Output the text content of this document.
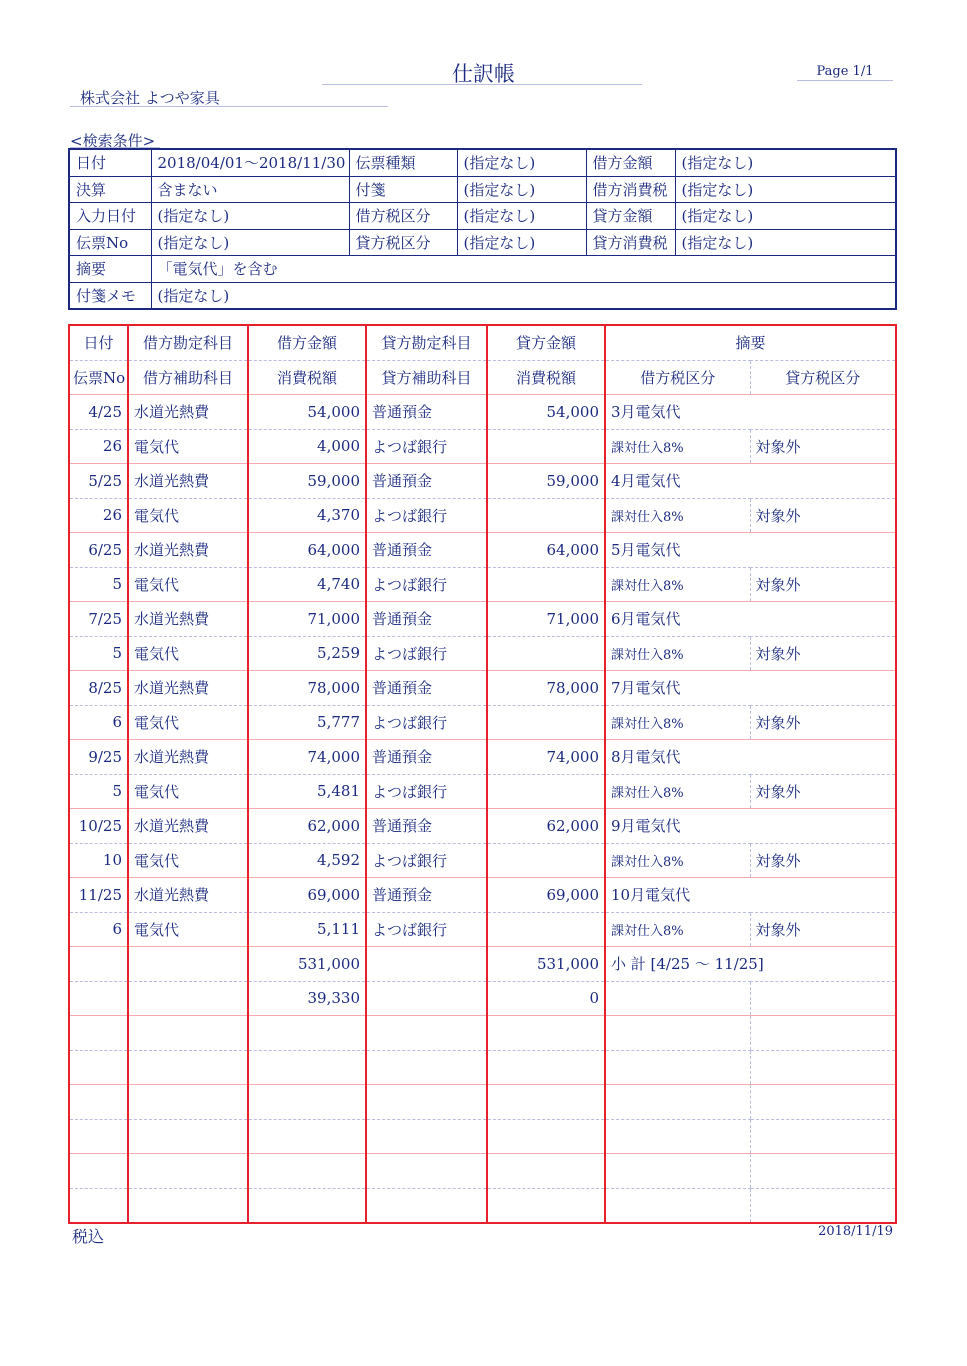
仕訳帳	Page 1/1
株式会社 よつや家具
<検索条件>
日付	2018/04/01〜2018/11/30	伝票種類	(指定なし)	借方金額	(指定なし)
決算	含まない	付箋	(指定なし)	借方消費税	(指定なし)
入力日付	(指定なし)	借方税区分	(指定なし)	貸方金額	(指定なし)
伝票No	(指定なし)	貸方税区分	(指定なし)	貸方消費税	(指定なし)
摘要	「電気代」を含む				
付箋メモ	(指定なし)				
日付	借方勘定科目	借方金額	貸方勘定科目	貸方金額	摘要	
伝票No	借方補助科目	消費税額	貸方補助科目	消費税額	借方税区分	貸方税区分
4/25	水道光熱費	54,000	普通預金	54,000	3月電気代	
26	電気代	4,000	よつば銀行		課対仕入8%	対象外
5/25	水道光熱費	59,000	普通預金	59,000	4月電気代	
26	電気代	4,370	よつば銀行		課対仕入8%	対象外
6/25	水道光熱費	64,000	普通預金	64,000	5月電気代	
5	電気代	4,740	よつば銀行		課対仕入8%	対象外
7/25	水道光熱費	71,000	普通預金	71,000	6月電気代	
5	電気代	5,259	よつば銀行		課対仕入8%	対象外
8/25	水道光熱費	78,000	普通預金	78,000	7月電気代	
6	電気代	5,777	よつば銀行		課対仕入8%	対象外
9/25	水道光熱費	74,000	普通預金	74,000	8月電気代	
5	電気代	5,481	よつば銀行		課対仕入8%	対象外
10/25	水道光熱費	62,000	普通預金	62,000	9月電気代	
10	電気代	4,592	よつば銀行		課対仕入8%	対象外
11/25	水道光熱費	69,000	普通預金	69,000	10月電気代	
6	電気代	5,111	よつば銀行		課対仕入8%	対象外
		531,000		531,000	小 計 [4/25 〜 11/25]	
		39,330		0		

税込	2018/11/19
